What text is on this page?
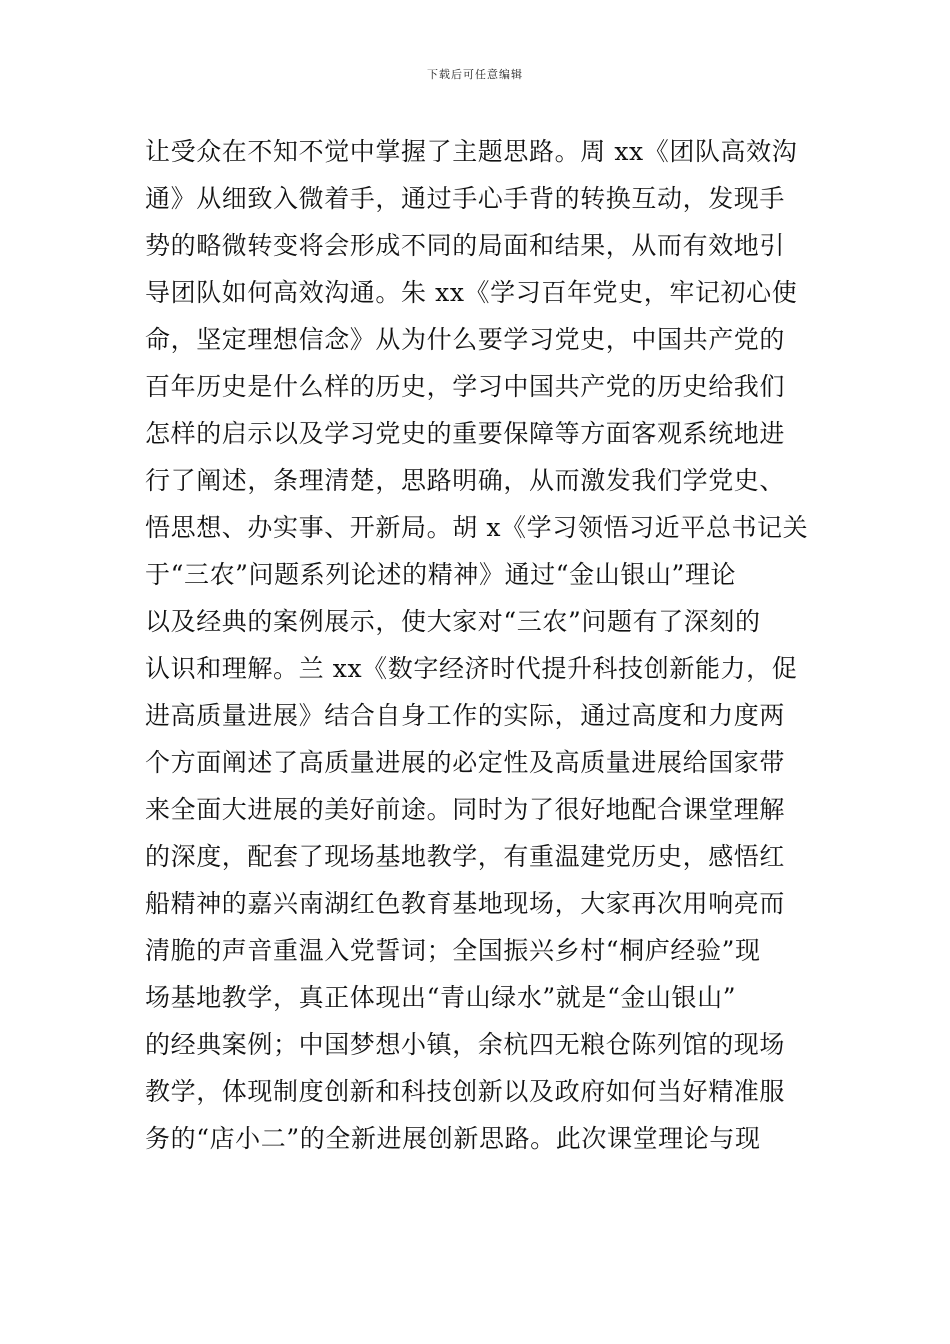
下载后可任意编辑
让受众在不知不觉中掌握了主题思路。周 xx《团队高效沟
通》从细致入微着手，通过手心手背的转换互动，发现手
势的略微转变将会形成不同的局面和结果，从而有效地引
导团队如何高效沟通。朱 xx《学习百年党史，牢记初心使
命，坚定理想信念》从为什么要学习党史，中国共产党的
百年历史是什么样的历史，学习中国共产党的历史给我们
怎样的启示以及学习党史的重要保障等方面客观系统地进
行了阐述，条理清楚，思路明确，从而激发我们学党史、
悟思想、办实事、开新局。胡 x《学习领悟习近平总书记关
于“三农”问题系列论述的精神》通过“金山银山”理论
以及经典的案例展示，使大家对“三农”问题有了深刻的
认识和理解。兰 xx《数字经济时代提升科技创新能力，促
进高质量进展》结合自身工作的实际，通过高度和力度两
个方面阐述了高质量进展的必定性及高质量进展给国家带
来全面大进展的美好前途。同时为了很好地配合课堂理解
的深度，配套了现场基地教学，有重温建党历史，感悟红
船精神的嘉兴南湖红色教育基地现场，大家再次用响亮而
清脆的声音重温入党誓词；全国振兴乡村“桐庐经验”现
场基地教学，真正体现出“青山绿水”就是“金山银山”
的经典案例；中国梦想小镇，余杭四无粮仓陈列馆的现场
教学，体现制度创新和科技创新以及政府如何当好精准服
务的“店小二”的全新进展创新思路。此次课堂理论与现
